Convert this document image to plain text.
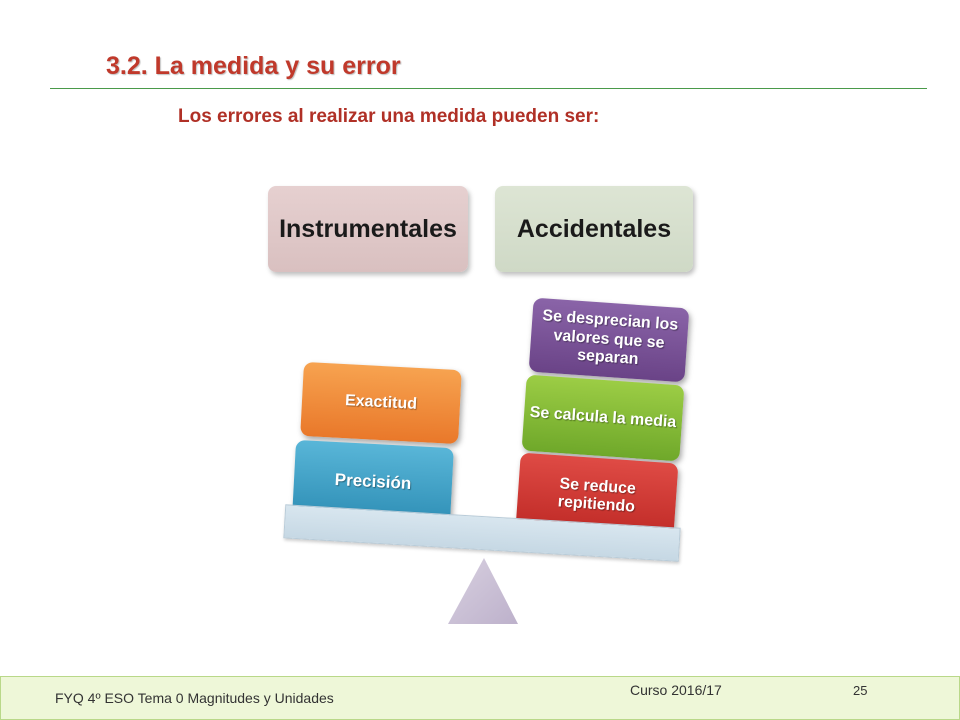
3.2. La medida y su error
Los errores al realizar una medida pueden ser:
Instrumentales	Accidentales
Exactitud
Precisión
Se desprecian los valores que se separan
Se calcula la media
Se reduce repitiendo
FYQ 4º ESO Tema 0 Magnitudes y Unidades	Curso 2016/17	25
